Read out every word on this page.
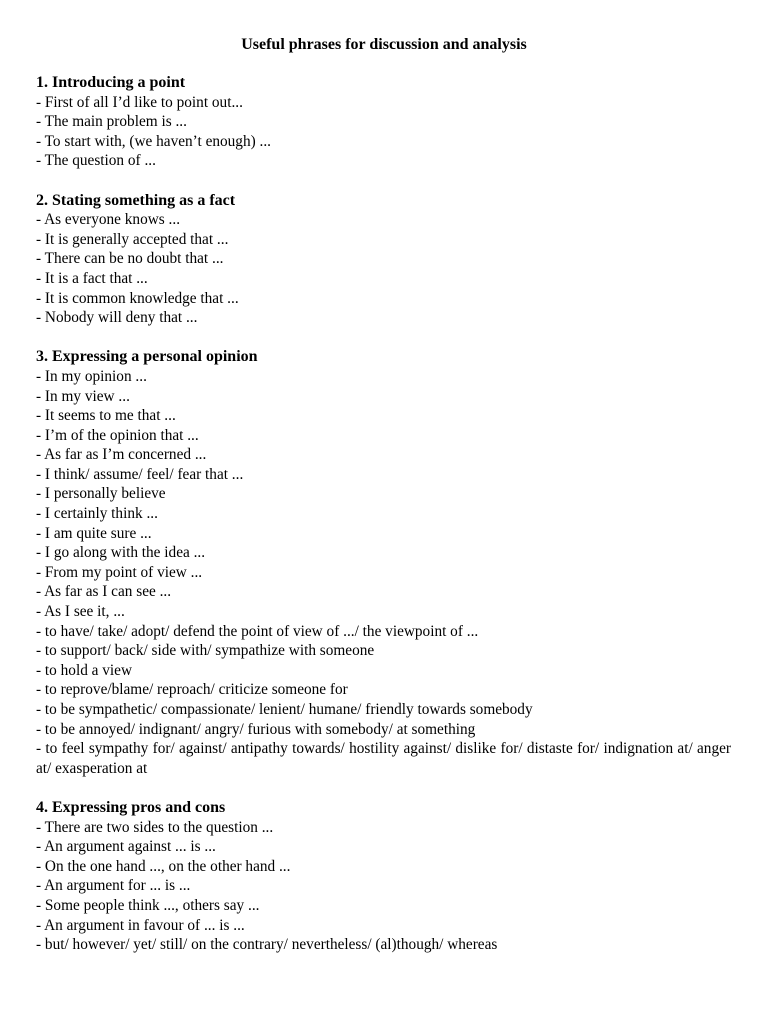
Useful phrases for discussion and analysis
1. Introducing a point
- First of all I’d like to point out...
- The main problem is ...
- To start with, (we haven’t enough) ...
- The question of ...
2. Stating something as a fact
- As everyone knows ...
- It is generally accepted that ...
- There can be no doubt that ...
- It is a fact that ...
- It is common knowledge that ...
- Nobody will deny that ...
3. Expressing a personal opinion
- In my opinion ...
- In my view ...
- It seems to me that ...
- I’m of the opinion that ...
- As far as I’m concerned ...
- I think/ assume/ feel/ fear that ...
- I personally believe
- I certainly think ...
- I am quite sure ...
- I go along with the idea ...
- From my point of view ...
- As far as I can see ...
- As I see it, ...
- to have/ take/ adopt/ defend the point of view of .../ the viewpoint of ...
- to support/ back/ side with/ sympathize with someone
- to hold a view
- to reprove/blame/ reproach/ criticize someone for
- to be sympathetic/ compassionate/ lenient/ humane/ friendly towards somebody
- to be annoyed/ indignant/ angry/ furious with somebody/ at something
- to feel sympathy for/ against/ antipathy towards/ hostility against/ dislike for/ distaste for/ indignation at/ anger at/ exasperation at
4. Expressing pros and cons
- There are two sides to the question ...
- An argument against ... is ...
- On the one hand ..., on the other hand ...
- An argument for ... is ...
- Some people think ..., others say ...
- An argument in favour of ... is ...
- but/ however/ yet/ still/ on the contrary/ nevertheless/ (al)though/ whereas
